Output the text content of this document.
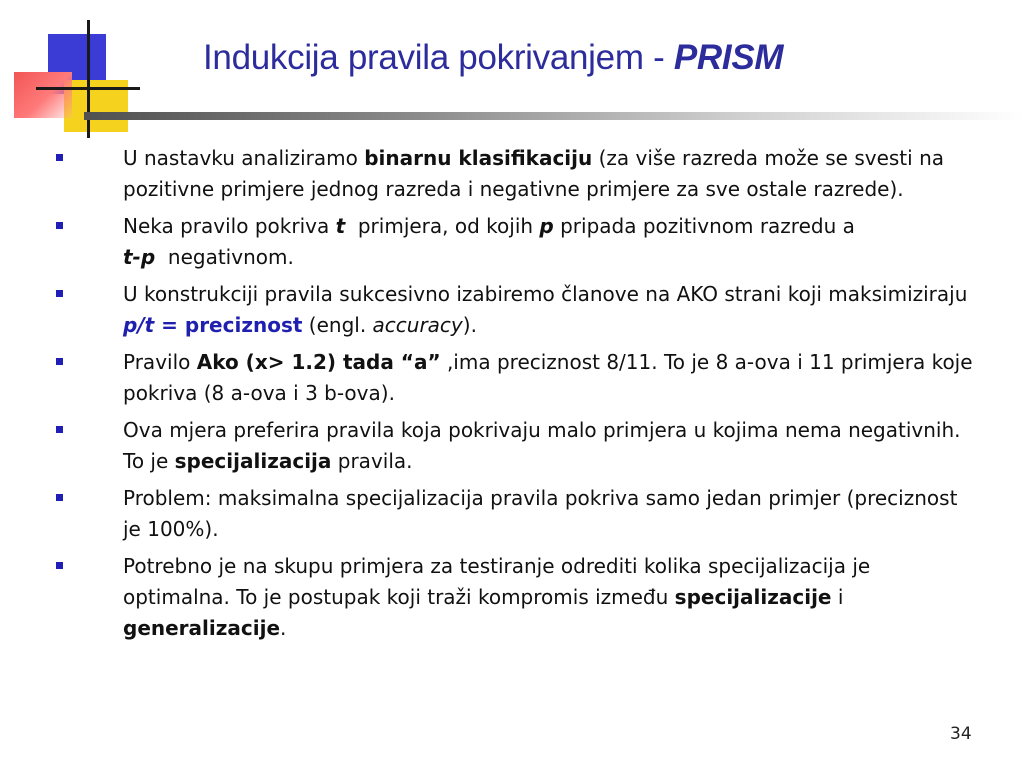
Indukcija pravila pokrivanjem - PRISM
U nastavku analiziramo binarnu klasifikaciju (za više razreda može se svesti na pozitivne primjere jednog razreda i negativne primjere za sve ostale razrede).
Neka pravilo pokriva t  primjera, od kojih p pripada pozitivnom razredu a
t-p  negativnom.
U konstrukciji pravila sukcesivno izabiremo članove na AKO strani koji maksimiziraju p/t = preciznost (engl. accuracy).
Pravilo Ako (x> 1.2) tada “a” ,ima preciznost 8/11. To je 8 a-ova i 11 primjera koje pokriva (8 a-ova i 3 b-ova).
Ova mjera preferira pravila koja pokrivaju malo primjera u kojima nema negativnih. To je specijalizacija pravila.
Problem: maksimalna specijalizacija pravila pokriva samo jedan primjer (preciznost je 100%).
Potrebno je na skupu primjera za testiranje odrediti kolika specijalizacija je optimalna. To je postupak koji traži kompromis između specijalizacije i generalizacije.
34
